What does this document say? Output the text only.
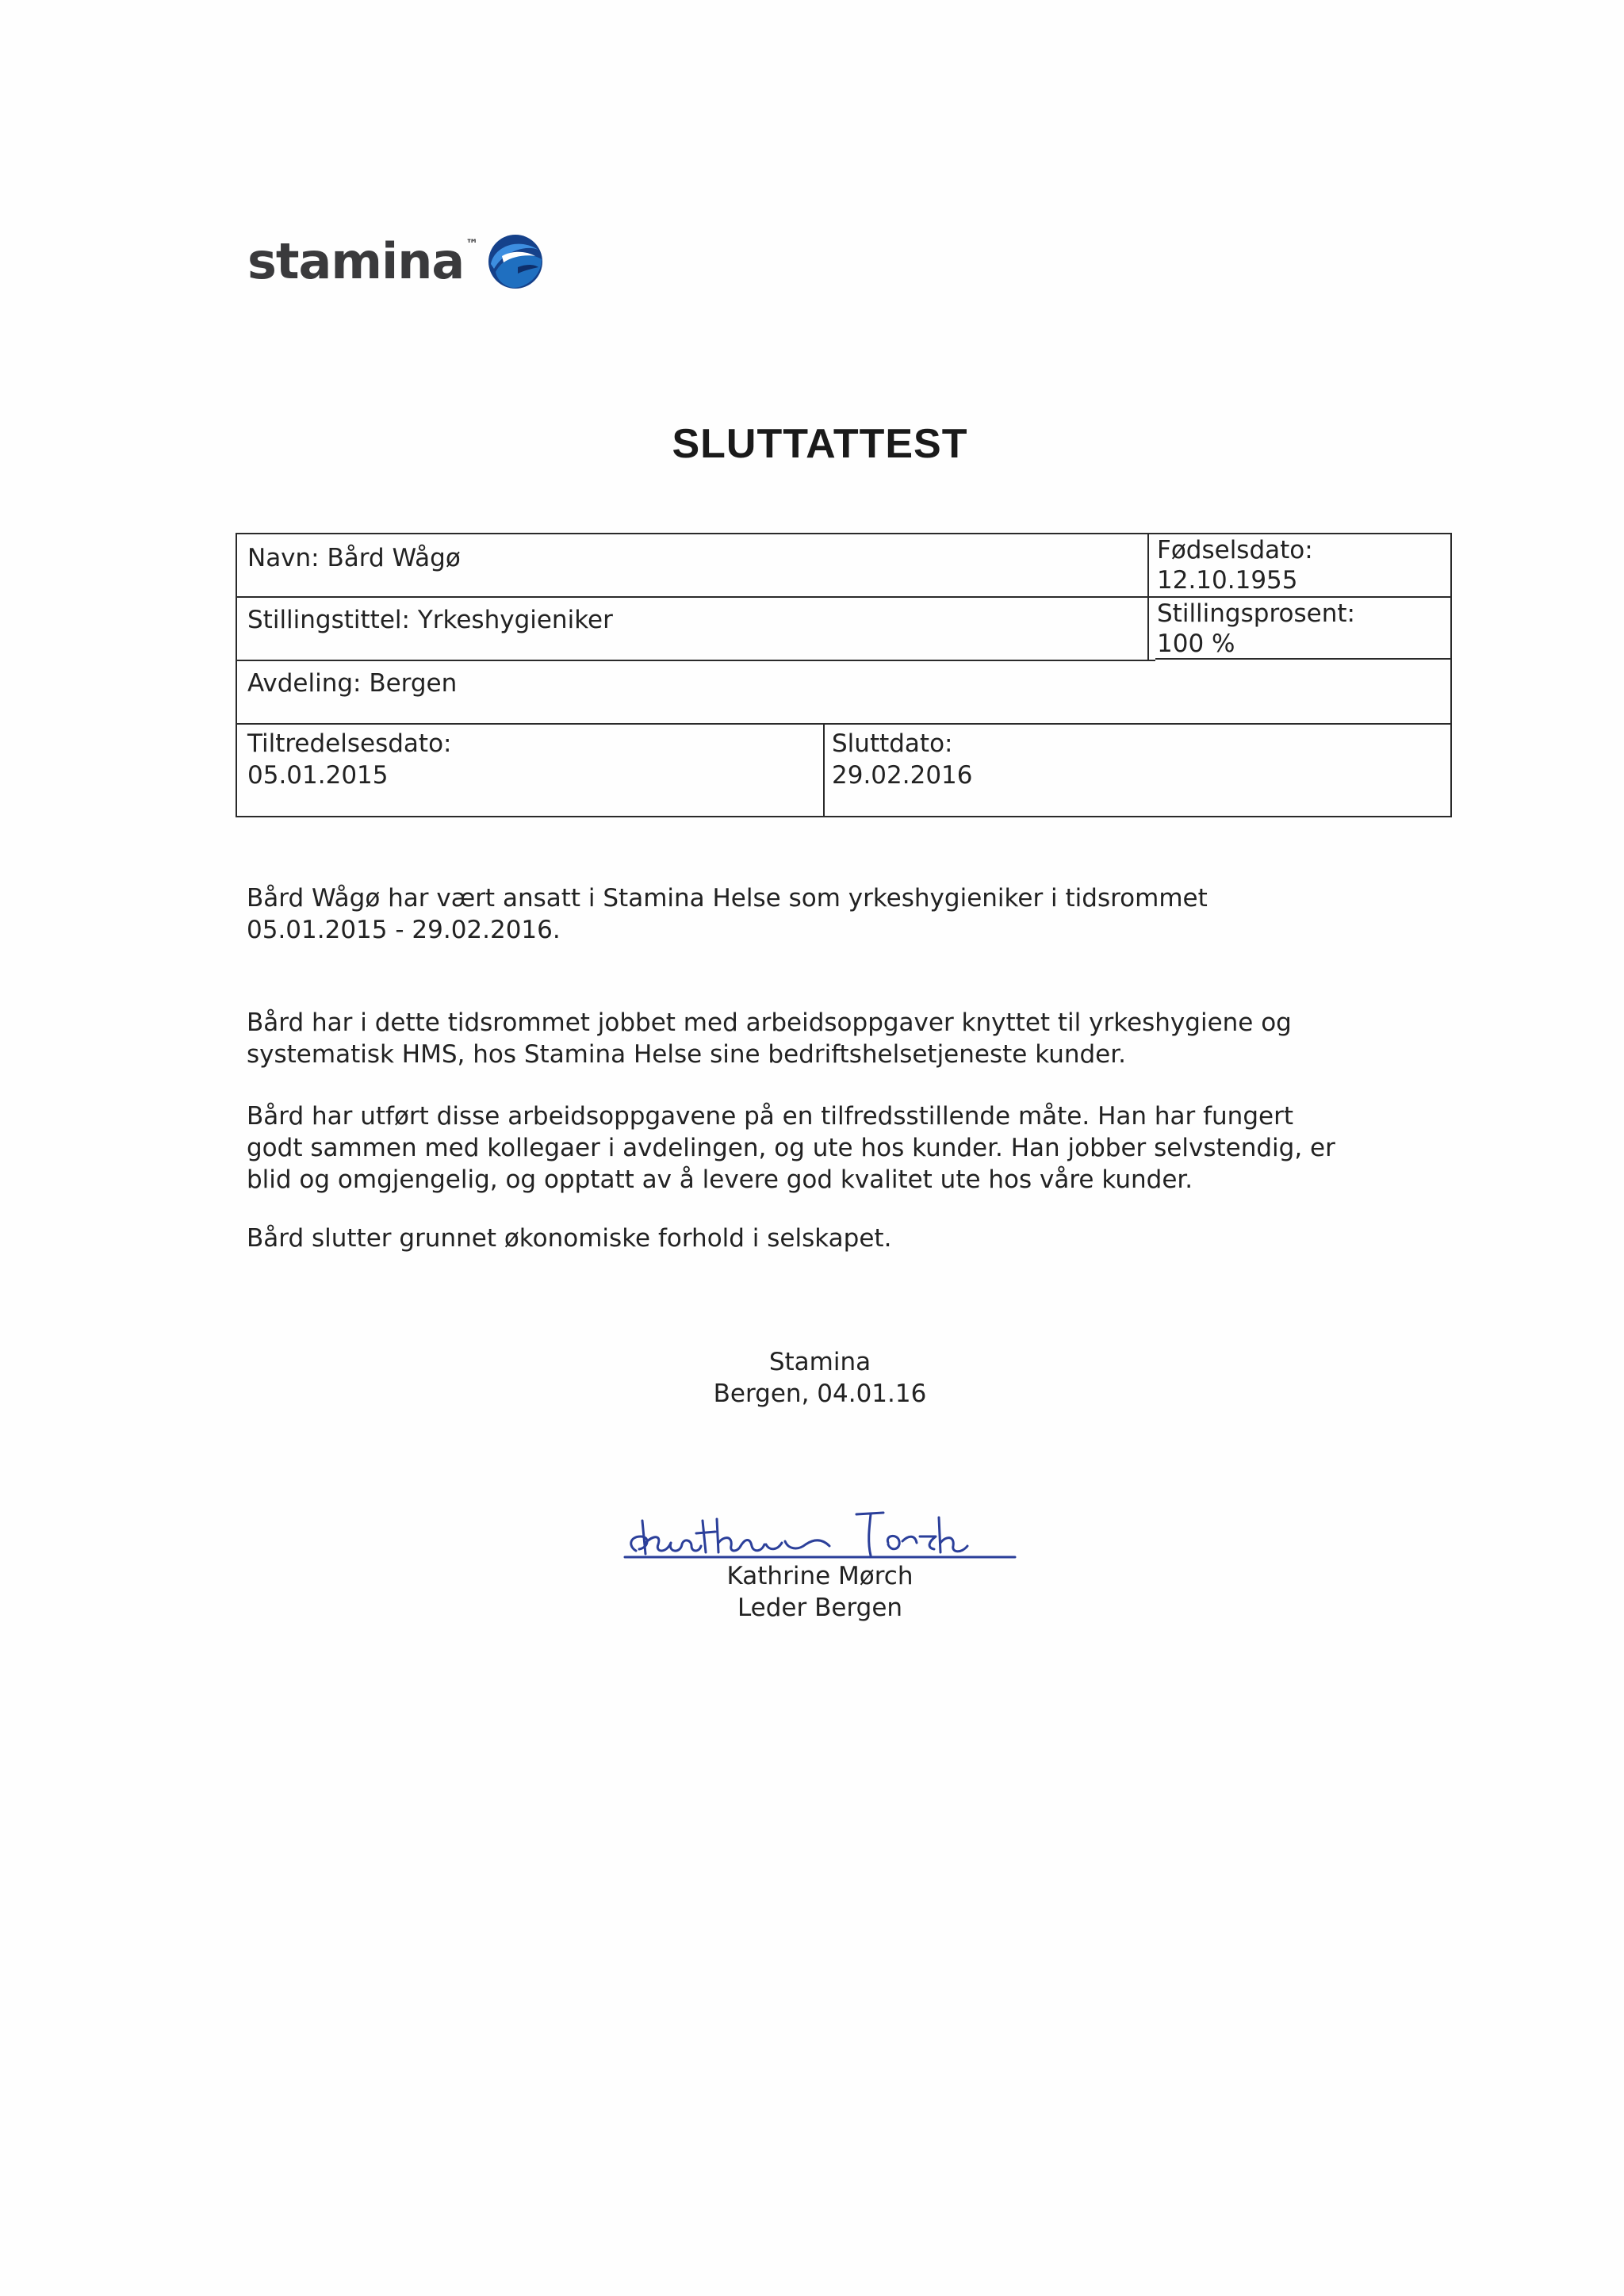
stamina ™
SLUTTATTEST
Navn: Bård Wågø	Fødselsdato:
12.10.1955
Stillingstittel: Yrkeshygieniker	Stillingsprosent:
100 %
Avdeling: Bergen
Tiltredelsesdato:
05.01.2015
Sluttdato:
29.02.2016
Bård Wågø har vært ansatt i Stamina Helse som yrkeshygieniker i tidsrommet
05.01.2015 - 29.02.2016.
Bård har i dette tidsrommet jobbet med arbeidsoppgaver knyttet til yrkeshygiene og
systematisk HMS, hos Stamina Helse sine bedriftshelsetjeneste kunder.
Bård har utført disse arbeidsoppgavene på en tilfredsstillende måte. Han har fungert
godt sammen med kollegaer i avdelingen, og ute hos kunder. Han jobber selvstendig, er
blid og omgjengelig, og opptatt av å levere god kvalitet ute hos våre kunder.
Bård slutter grunnet økonomiske forhold i selskapet.
Stamina
Bergen, 04.01.16
Kathrine Mørch
Leder Bergen
